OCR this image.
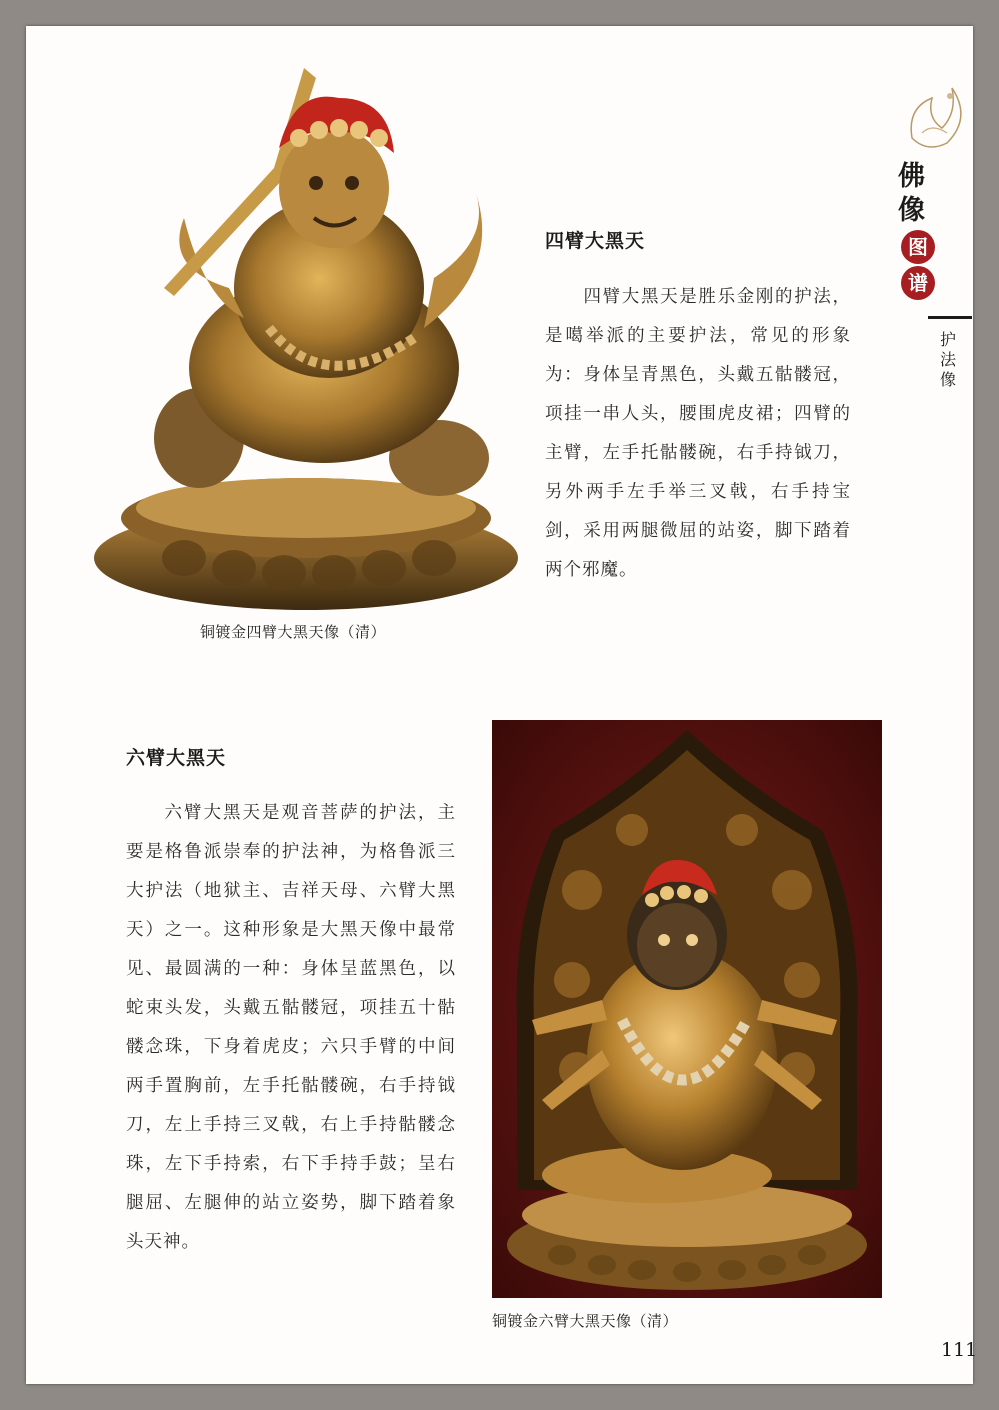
四臂大黑天

四臂大黑天是胜乐金刚的护法，是噶举派的主要护法，常见的形象为：身体呈青黑色，头戴五骷髅冠，项挂一串人头，腰围虎皮裙；四臂的主臂，左手托骷髅碗，右手持钺刀，另外两手左手举三叉戟，右手持宝剑，采用两腿微屈的站姿，脚下踏着两个邪魔。

铜镀金四臂大黑天像（清）
六臂大黑天

六臂大黑天是观音菩萨的护法，主要是格鲁派崇奉的护法神，为格鲁派三大护法（地狱主、吉祥天母、六臂大黑天）之一。这种形象是大黑天像中最常见、最圆满的一种：身体呈蓝黑色，以蛇束头发，头戴五骷髅冠，项挂五十骷髅念珠，下身着虎皮；六只手臂的中间两手置胸前，左手托骷髅碗，右手持钺刀，左上手持三叉戟，右上手持骷髅念珠，左下手持索，右下手持手鼓；呈右腿屈、左腿伸的站立姿势，脚下踏着象头天神。

铜镀金六臂大黑天像（清）
111
佛
像
图
谱
护法像
